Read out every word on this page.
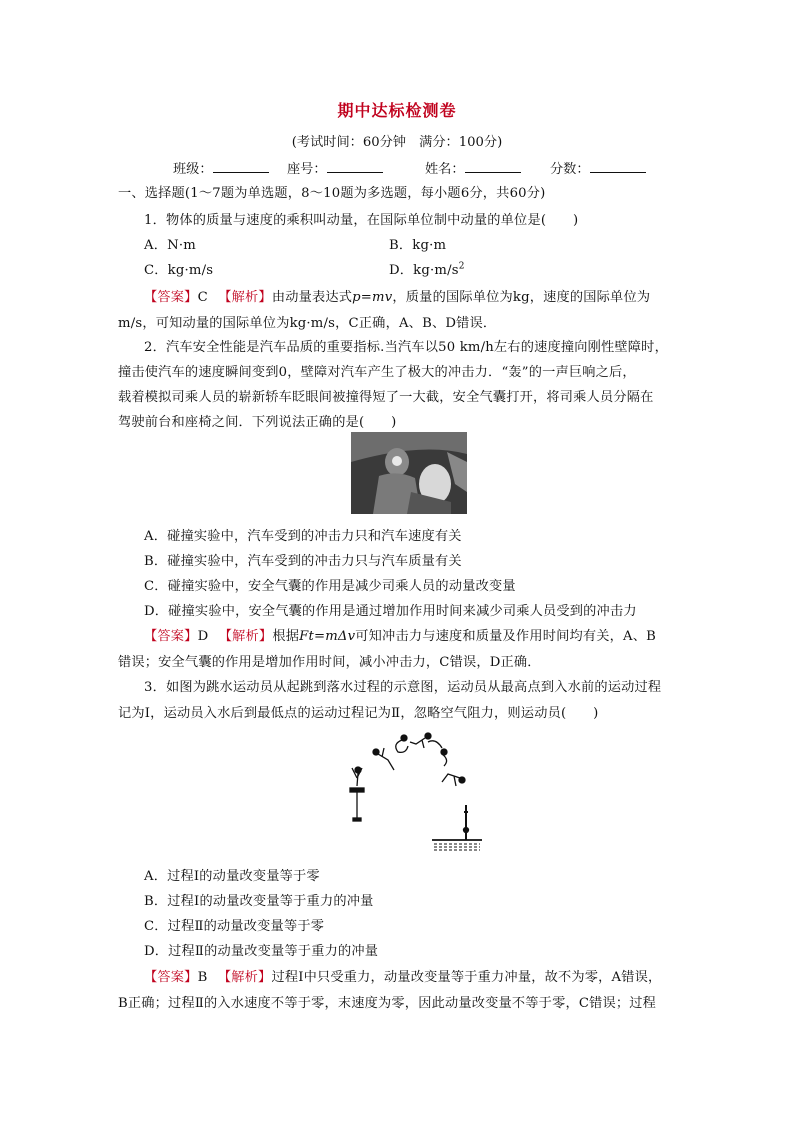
期中达标检测卷
(考试时间：60分钟　满分：100分)
班级：	座号：	姓名：	分数：
一、选择题(1～7题为单选题，8～10题为多选题，每小题6分，共60分)
1．物体的质量与速度的乘积叫动量，在国际单位制中动量的单位是(　　)
A．N·m	B．kg·m
C．kg·m/s	D．$kg\cdot m/s^2$
【答案】C 【解析】由动量表达式p=mv，质量的国际单位为kg，速度的国际单位为
m/s，可知动量的国际单位为kg·m/s，C正确，A、B、D错误．
2．汽车安全性能是汽车品质的重要指标.当汽车以50 km/h左右的速度撞向刚性壁障时，
撞击使汽车的速度瞬间变到0，壁障对汽车产生了极大的冲击力．“轰”的一声巨响之后，
载着模拟司乘人员的崭新轿车眨眼间被撞得短了一大截，安全气囊打开，将司乘人员分隔在
驾驶前台和座椅之间．下列说法正确的是(　　)
A．碰撞实验中，汽车受到的冲击力只和汽车速度有关
B．碰撞实验中，汽车受到的冲击力只与汽车质量有关
C．碰撞实验中，安全气囊的作用是减少司乘人员的动量改变量
D．碰撞实验中，安全气囊的作用是通过增加作用时间来减少司乘人员受到的冲击力
【答案】D 【解析】根据Ft=mΔv可知冲击力与速度和质量及作用时间均有关，A、B
错误；安全气囊的作用是增加作用时间，减小冲击力，C错误，D正确．
3．如图为跳水运动员从起跳到落水过程的示意图，运动员从最高点到入水前的运动过程
记为Ⅰ，运动员入水后到最低点的运动过程记为Ⅱ，忽略空气阻力，则运动员(　　)
A．过程Ⅰ的动量改变量等于零
B．过程Ⅰ的动量改变量等于重力的冲量
C．过程Ⅱ的动量改变量等于零
D．过程Ⅱ的动量改变量等于重力的冲量
【答案】B 【解析】过程Ⅰ中只受重力，动量改变量等于重力冲量，故不为零，A错误，
B正确；过程Ⅱ的入水速度不等于零，末速度为零，因此动量改变量不等于零，C错误；过程
